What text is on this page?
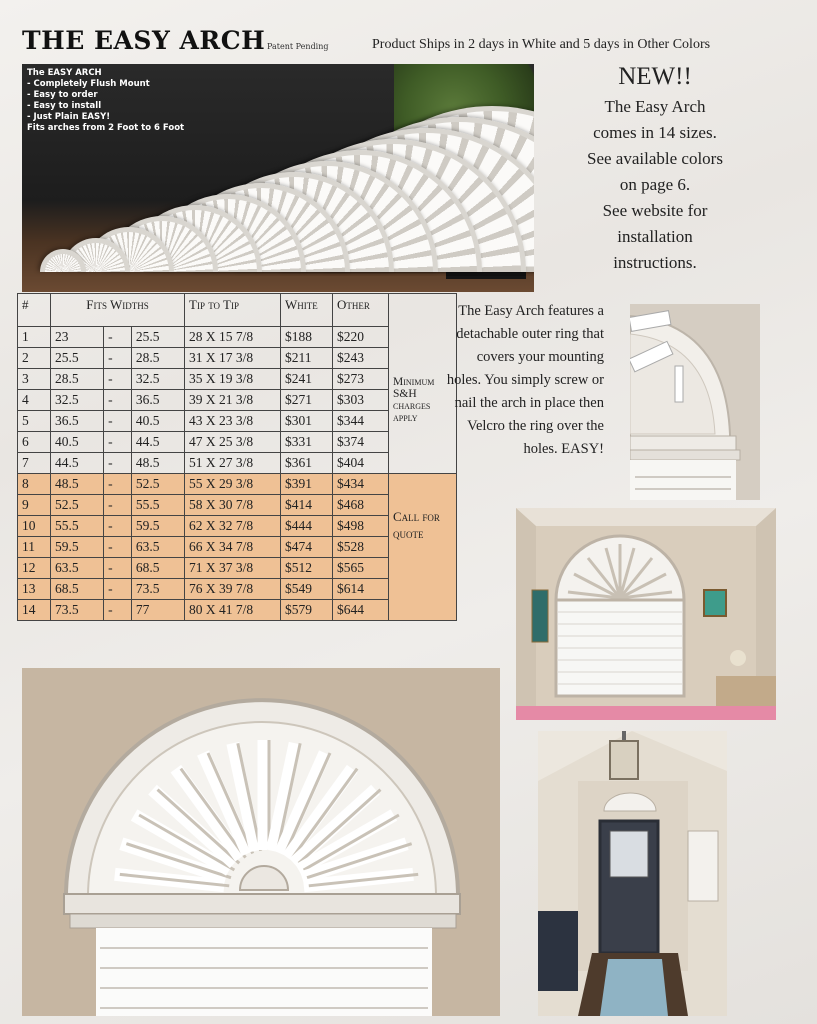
THE EASY ARCH Patent Pending	Product Ships in 2 days in White and 5 days in Other Colors
The EASY ARCH
- Completely Flush Mount
- Easy to order
- Easy to install
- Just Plain EASY!
Fits arches from 2 Foot to 6 Foot
NEW!!
The Easy Arch
comes in 14 sizes.
See available colors
on page 6.
See website for
installation
instructions.
#	Fits Widths			Tip to Tip	White	Other	
1	23	-	25.5	28 X 15 7/8	$188	$220	Minimum S&H charges apply
2	25.5	-	28.5	31 X 17 3/8	$211	$243	
3	28.5	-	32.5	35 X 19 3/8	$241	$273	
4	32.5	-	36.5	39 X 21 3/8	$271	$303	
5	36.5	-	40.5	43 X 23 3/8	$301	$344	
6	40.5	-	44.5	47 X 25 3/8	$331	$374	
7	44.5	-	48.5	51 X 27 3/8	$361	$404	
8	48.5	-	52.5	55 X 29 3/8	$391	$434	Call for quote
9	52.5	-	55.5	58 X 30 7/8	$414	$468	
10	55.5	-	59.5	62 X 32 7/8	$444	$498	
11	59.5	-	63.5	66 X 34 7/8	$474	$528	
12	63.5	-	68.5	71 X 37 3/8	$512	$565	
13	68.5	-	73.5	76 X 39 7/8	$549	$614	
14	73.5	-	77	80 X 41 7/8	$579	$644	
The Easy Arch features a detachable outer ring that covers your mounting holes. You simply screw or nail the arch in place then Velcro the ring over the holes. EASY!
